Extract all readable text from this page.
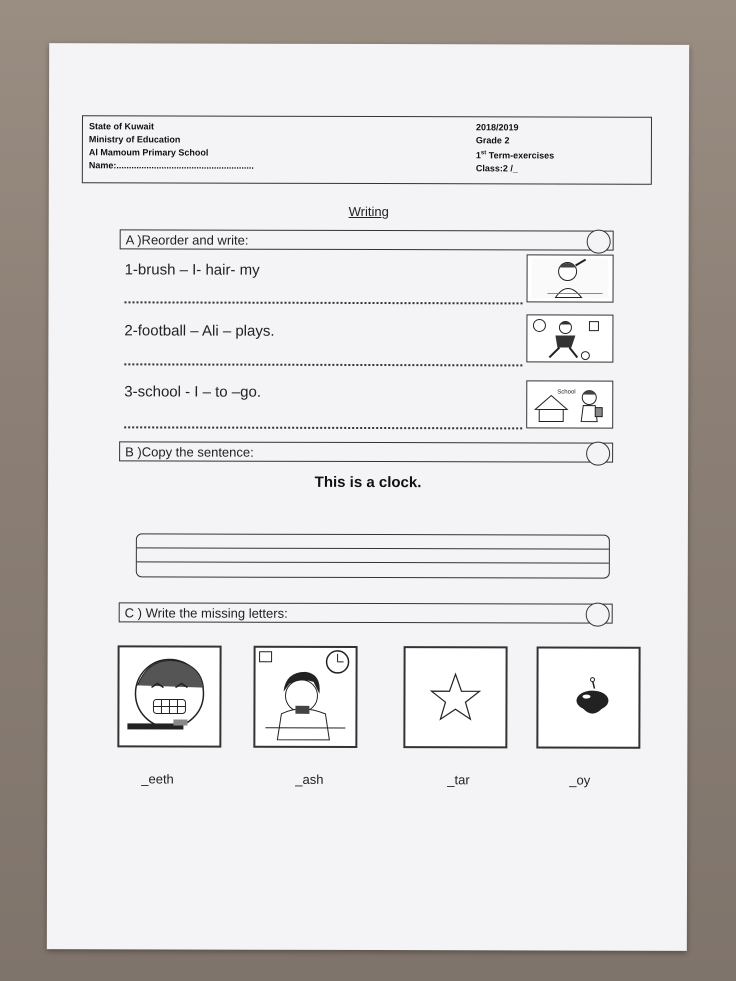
State of Kuwait
Ministry of Education
Al Mamoum Primary School
Name:.......................................................
2018/2019
Grade 2
1st Term-exercises
Class:2 /_
Writing
A )Reorder and write:
1-brush – I- hair- my
2-football – Ali – plays.
3-school - I – to –go.	School
B )Copy the sentence:
This is a clock.
C ) Write the missing letters:
_eeth	_ash	_tar	_oy
